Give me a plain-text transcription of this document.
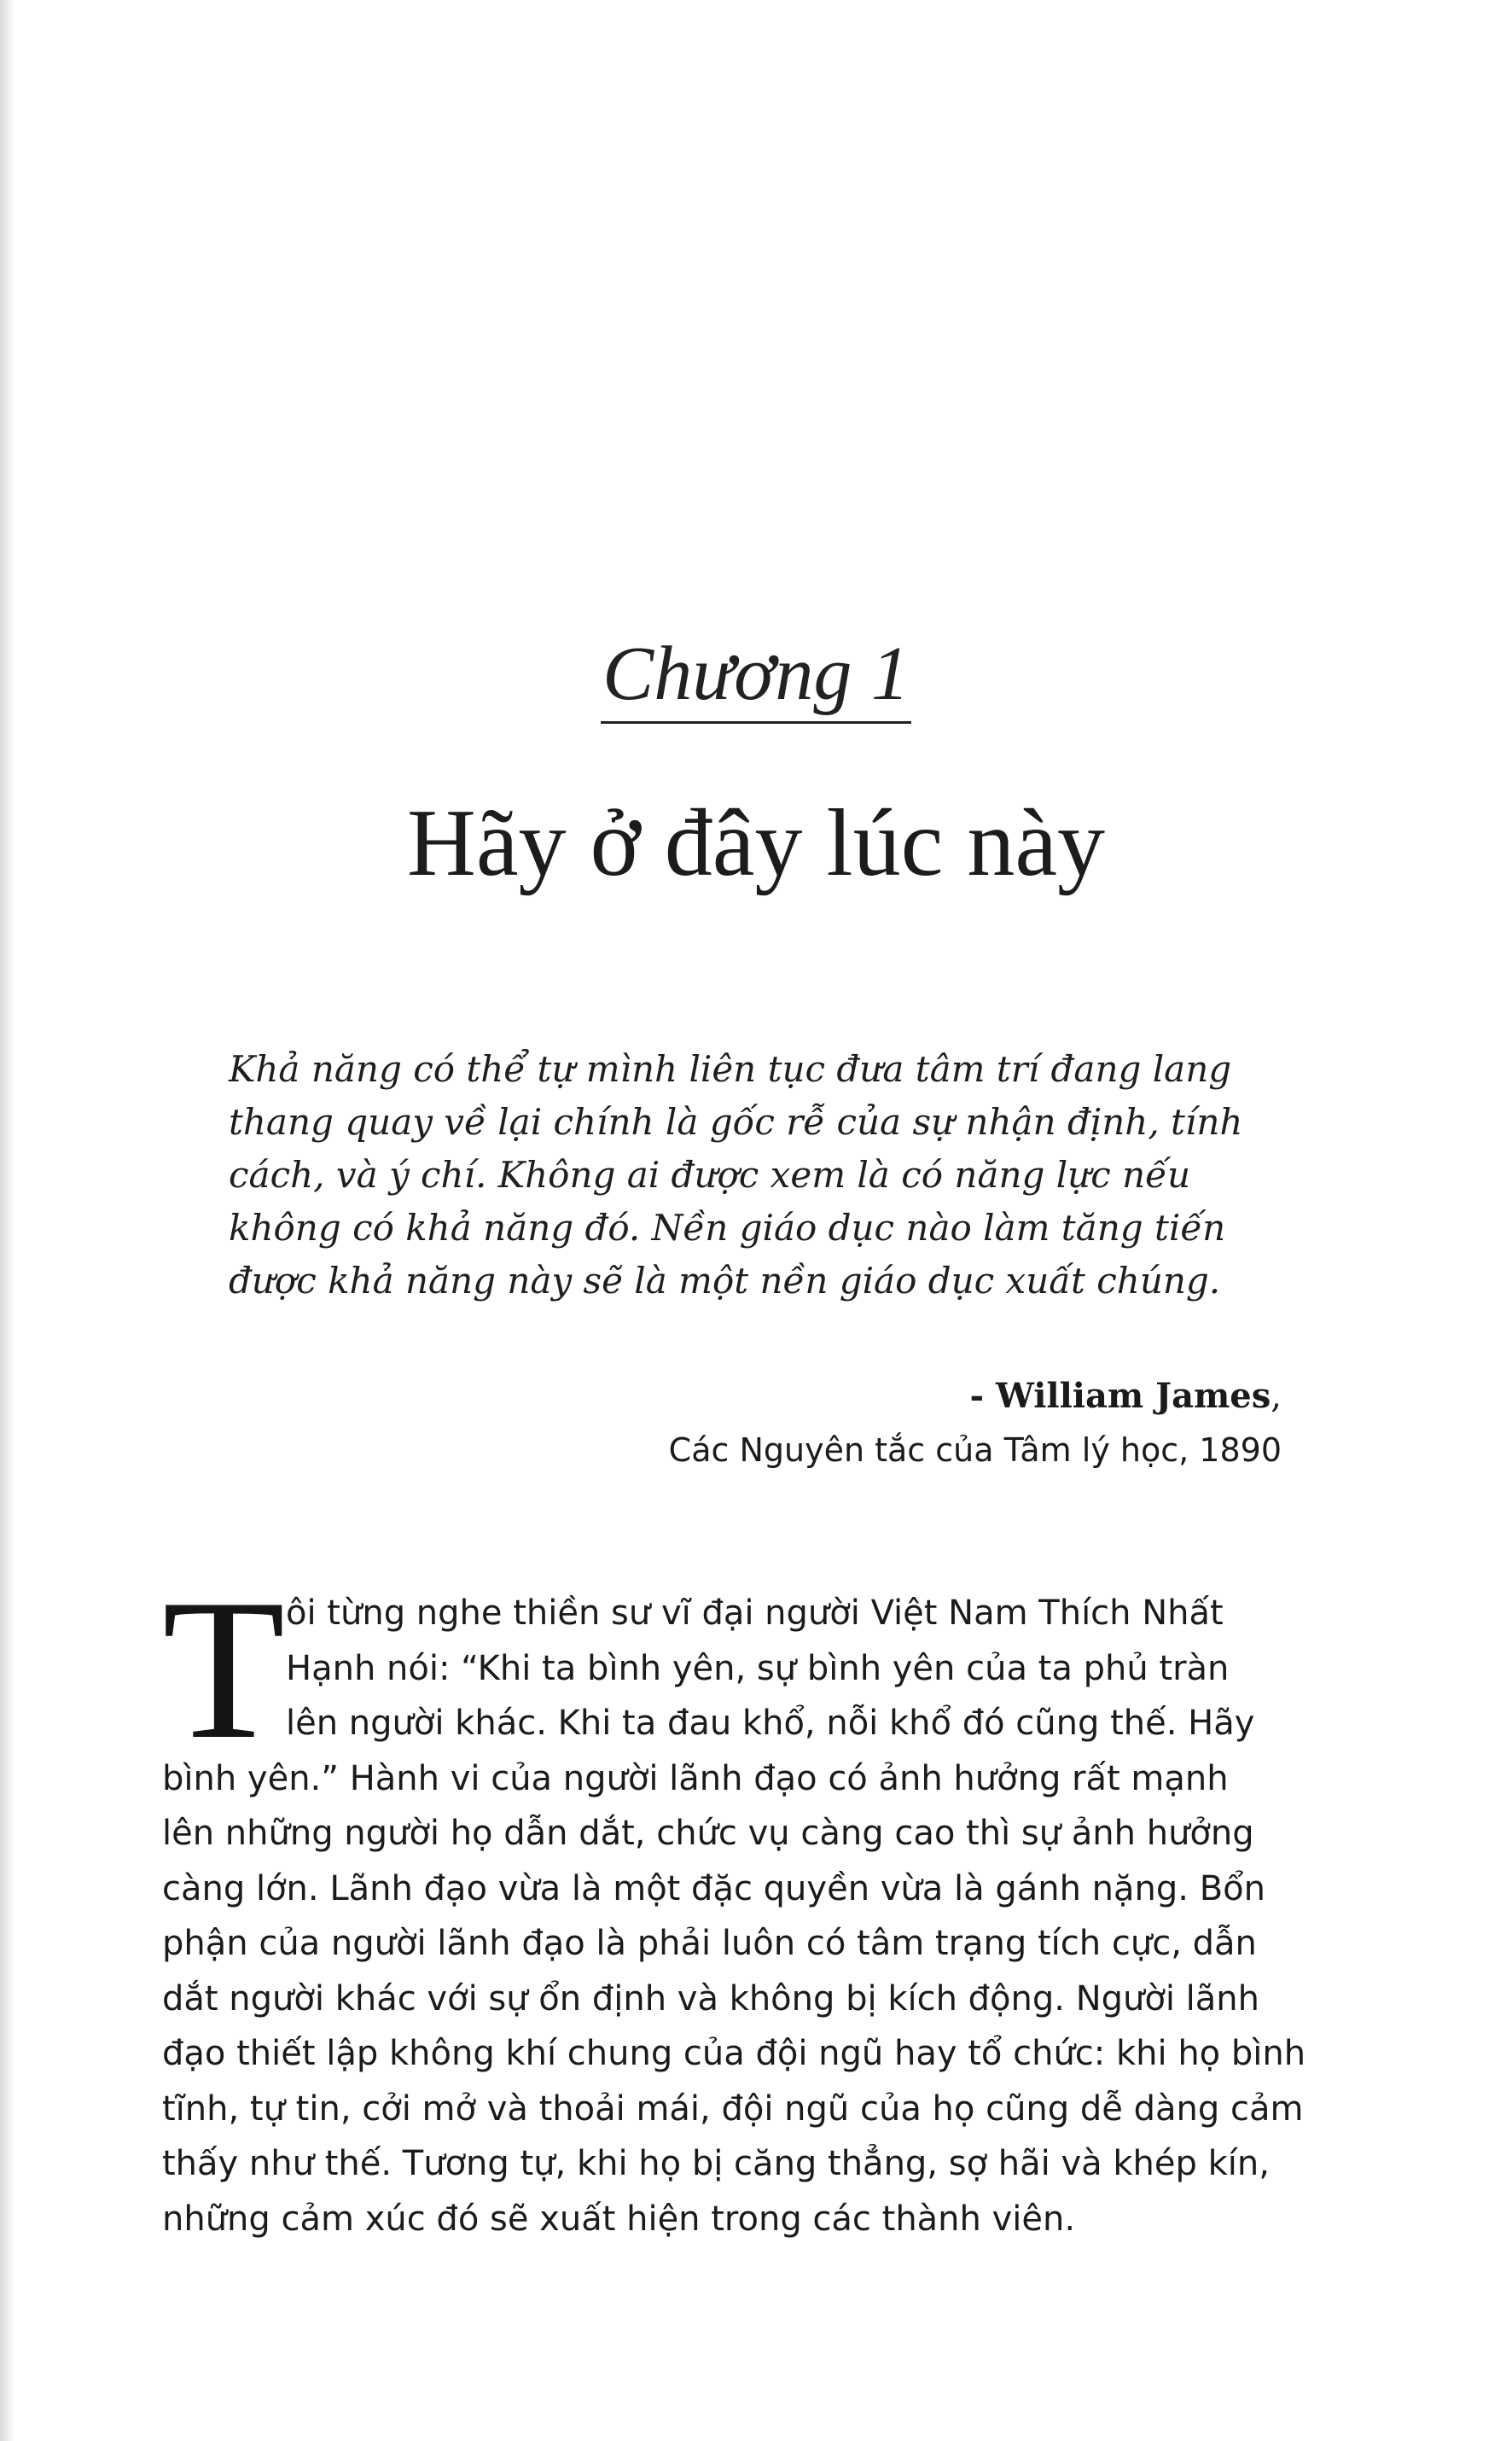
Chương 1
Hãy ở đây lúc này
Khả năng có thể tự mình liên tục đưa tâm trí đang lang
thang quay về lại chính là gốc rễ của sự nhận định, tính
cách, và ý chí. Không ai được xem là có năng lực nếu
không có khả năng đó. Nền giáo dục nào làm tăng tiến
được khả năng này sẽ là một nền giáo dục xuất chúng.
- William James,
Các Nguyên tắc của Tâm lý học, 1890
T ôi từng nghe thiền sư vĩ đại người Việt Nam Thích Nhất
Hạnh nói: “Khi ta bình yên, sự bình yên của ta phủ tràn
lên người khác. Khi ta đau khổ, nỗi khổ đó cũng thế. Hãy
bình yên.” Hành vi của người lãnh đạo có ảnh hưởng rất mạnh
lên những người họ dẫn dắt, chức vụ càng cao thì sự ảnh hưởng
càng lớn. Lãnh đạo vừa là một đặc quyền vừa là gánh nặng. Bổn
phận của người lãnh đạo là phải luôn có tâm trạng tích cực, dẫn
dắt người khác với sự ổn định và không bị kích động. Người lãnh
đạo thiết lập không khí chung của đội ngũ hay tổ chức: khi họ bình
tĩnh, tự tin, cởi mở và thoải mái, đội ngũ của họ cũng dễ dàng cảm
thấy như thế. Tương tự, khi họ bị căng thẳng, sợ hãi và khép kín,
những cảm xúc đó sẽ xuất hiện trong các thành viên.
